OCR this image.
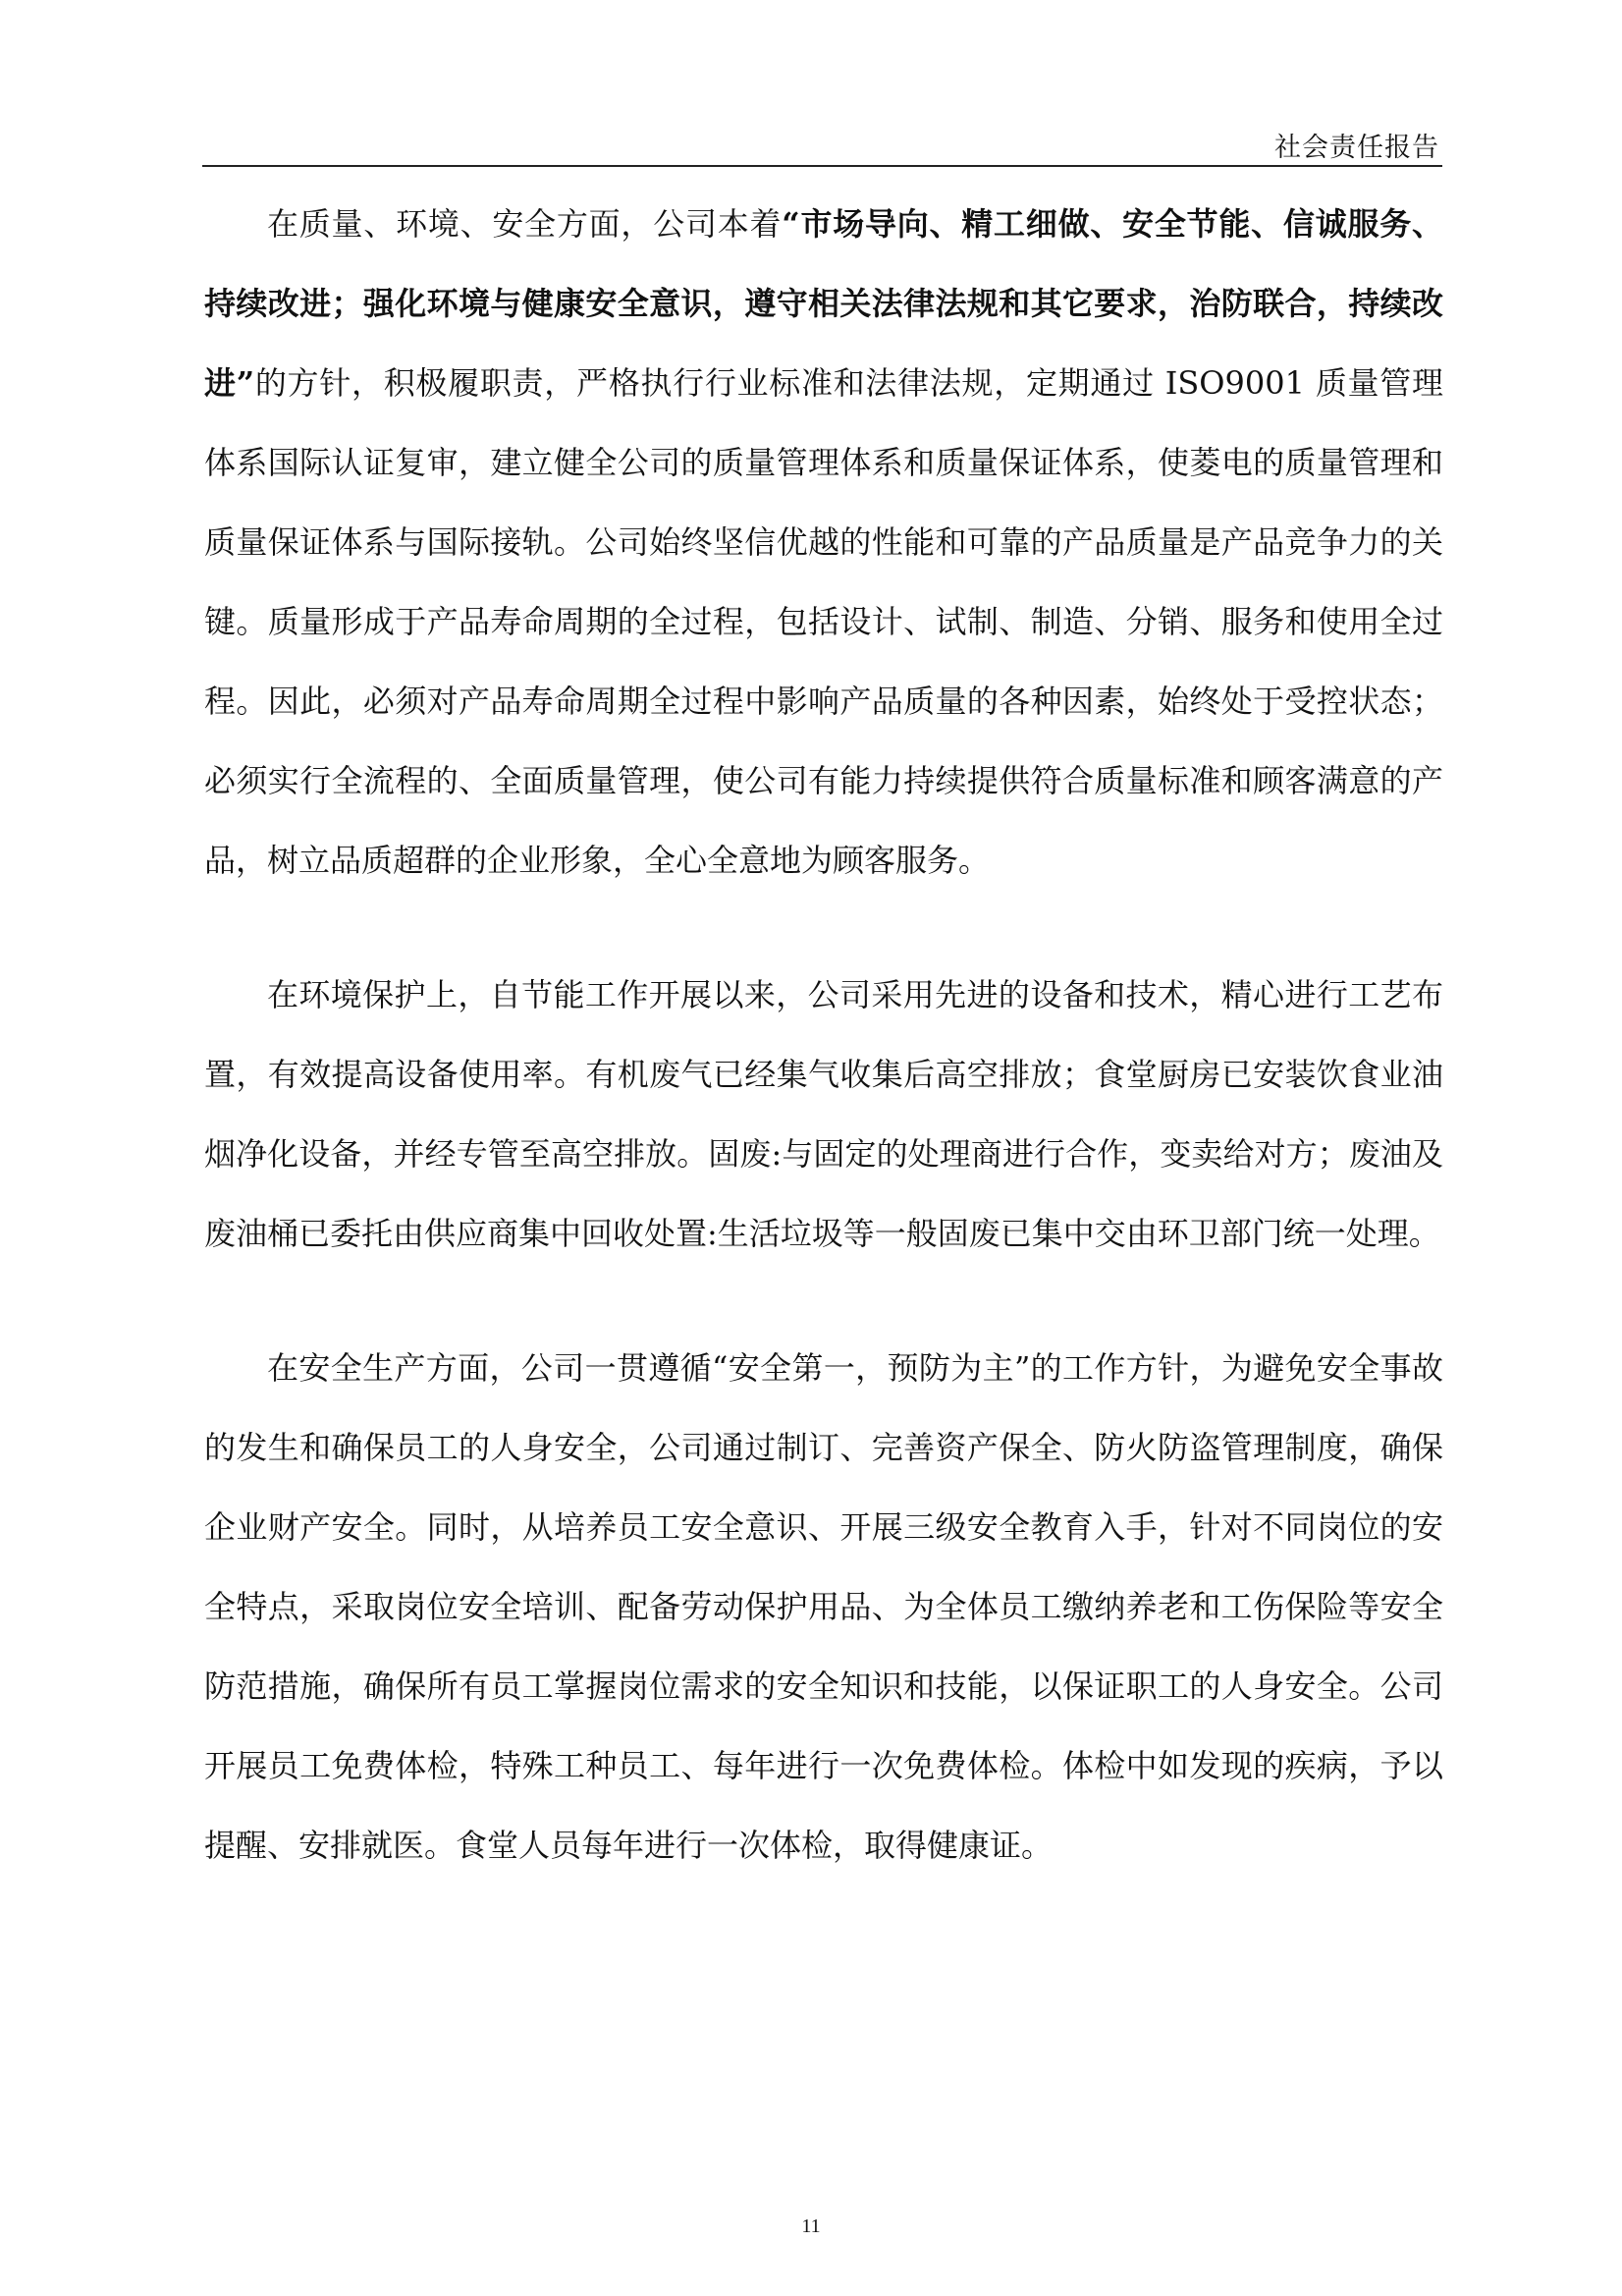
社会责任报告

在质量、环境、安全方面，公司本着“市场导向、精工细做、安全节能、信诚服务、持续改进；强化环境与健康安全意识，遵守相关法律法规和其它要求，治防联合，持续改进”的方针，积极履职责，严格执行行业标准和法律法规，定期通过 ISO9001 质量管理体系国际认证复审，建立健全公司的质量管理体系和质量保证体系，使菱电的质量管理和质量保证体系与国际接轨。公司始终坚信优越的性能和可靠的产品质量是产品竞争力的关键。质量形成于产品寿命周期的全过程，包括设计、试制、制造、分销、服务和使用全过程。因此，必须对产品寿命周期全过程中影响产品质量的各种因素，始终处于受控状态；必须实行全流程的、全面质量管理，使公司有能力持续提供符合质量标准和顾客满意的产品，树立品质超群的企业形象，全心全意地为顾客服务。

在环境保护上，自节能工作开展以来，公司采用先进的设备和技术，精心进行工艺布置，有效提高设备使用率。有机废气已经集气收集后高空排放；食堂厨房已安装饮食业油烟净化设备，并经专管至高空排放。固废:与固定的处理商进行合作，变卖给对方；废油及废油桶已委托由供应商集中回收处置:生活垃圾等一般固废已集中交由环卫部门统一处理。

在安全生产方面，公司一贯遵循“安全第一，预防为主”的工作方针，为避免安全事故的发生和确保员工的人身安全，公司通过制订、完善资产保全、防火防盗管理制度，确保企业财产安全。同时，从培养员工安全意识、开展三级安全教育入手，针对不同岗位的安全特点，采取岗位安全培训、配备劳动保护用品、为全体员工缴纳养老和工伤保险等安全防范措施，确保所有员工掌握岗位需求的安全知识和技能，以保证职工的人身安全。公司开展员工免费体检，特殊工种员工、每年进行一次免费体检。体检中如发现的疾病，予以提醒、安排就医。食堂人员每年进行一次体检，取得健康证。

11
